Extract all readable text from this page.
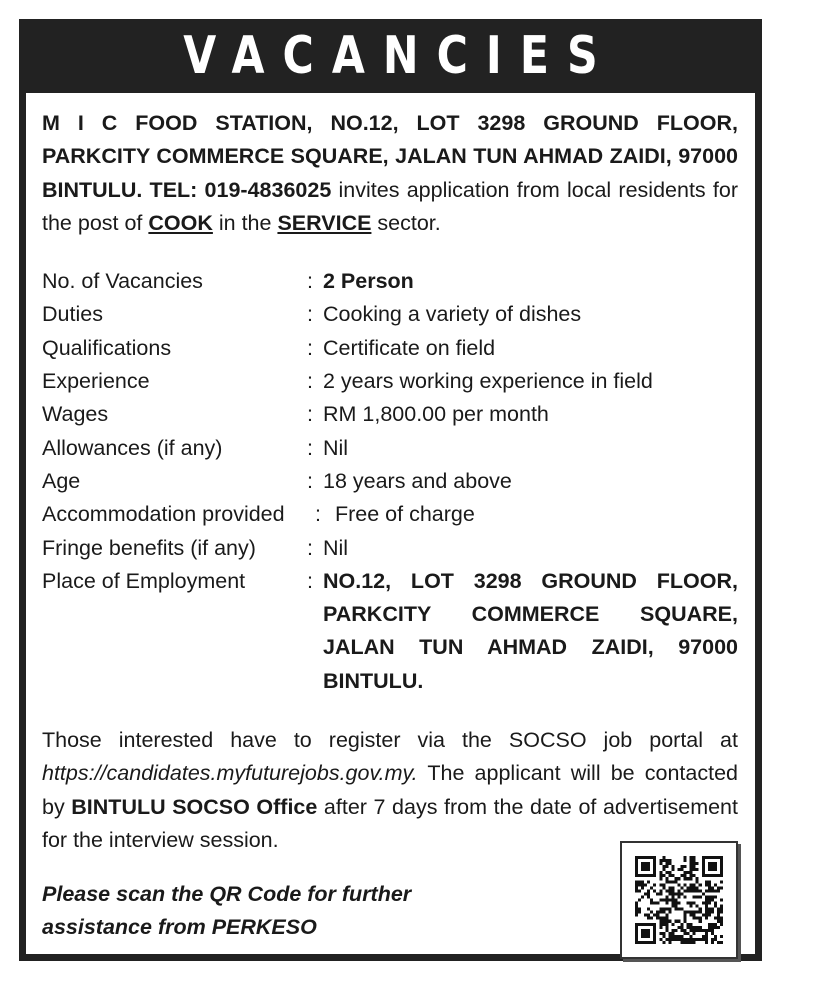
VACANCIES

M I C FOOD STATION, NO.12, LOT 3298 GROUND FLOOR, PARKCITY COMMERCE SQUARE, JALAN TUN AHMAD ZAIDI, 97000 BINTULU. TEL: 019-4836025 invites application from local residents for the post of COOK in the SERVICE sector.

No. of Vacancies	: 2 Person
Duties	: Cooking a variety of dishes
Qualifications	: Certificate on field
Experience	: 2 years working experience in field
Wages	: RM 1,800.00 per month
Allowances (if any)	: Nil
Age	: 18 years and above
Accommodation provided	: Free of charge
Fringe benefits (if any)	: Nil
Place of Employment	: NO.12, LOT 3298 GROUND FLOOR, PARKCITY COMMERCE SQUARE, JALAN TUN AHMAD ZAIDI, 97000 BINTULU.

Those interested have to register via the SOCSO job portal at https://candidates.myfuturejobs.gov.my. The applicant will be contacted by BINTULU SOCSO Office after 7 days from the date of advertisement for the interview session.

Please scan the QR Code for further assistance from PERKESO
